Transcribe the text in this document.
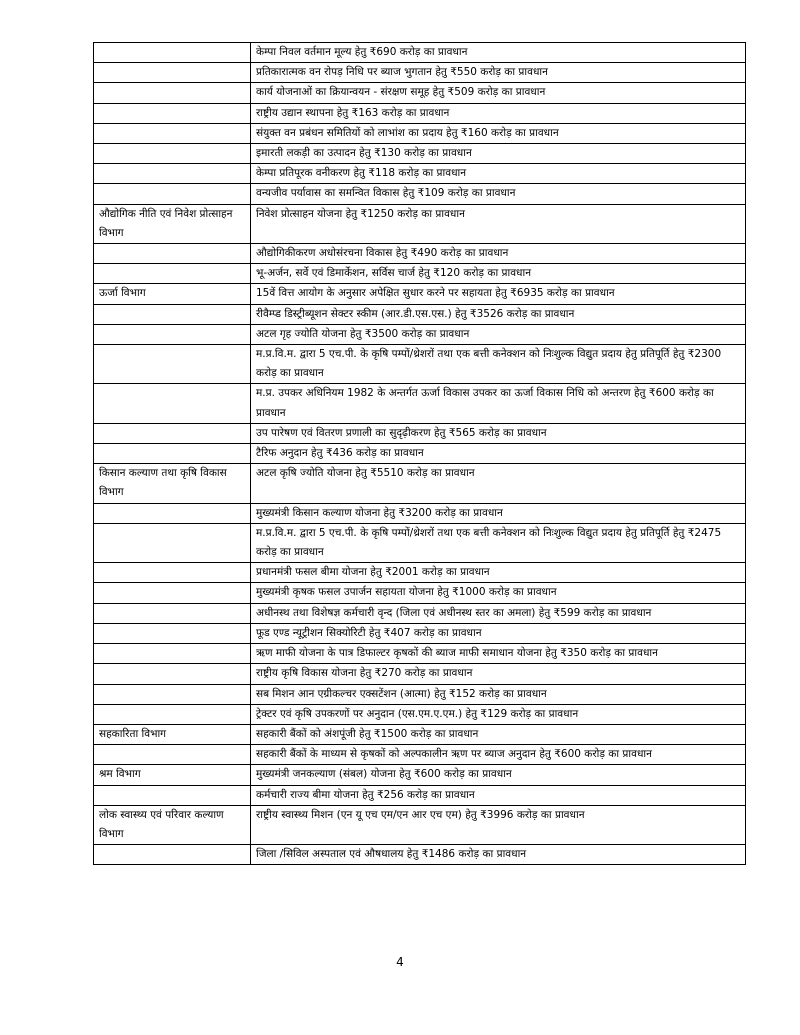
	केम्पा निवल वर्तमान मूल्य हेतु ₹690 करोड़ का प्रावधान
	प्रतिकारात्मक वन रोपड़ निधि पर ब्याज भुगतान हेतु ₹550 करोड़ का प्रावधान
	कार्य योजनाओं का क्रियान्वयन - संरक्षण समूह हेतु ₹509 करोड़ का प्रावधान
	राष्ट्रीय उद्यान स्थापना हेतु ₹163 करोड़ का प्रावधान
	संयुक्त वन प्रबंधन समितियों को लाभांश का प्रदाय हेतु ₹160 करोड़ का प्रावधान
	इमारती लकड़ी का उत्पादन हेतु ₹130 करोड़ का प्रावधान
	केम्पा प्रतिपूरक वनीकरण हेतु ₹118 करोड़ का प्रावधान
	वन्यजीव पर्यावास का समन्वित विकास हेतु ₹109 करोड़ का प्रावधान
औद्योगिक नीति एवं निवेश प्रोत्साहन विभाग	निवेश प्रोत्साहन योजना हेतु ₹1250 करोड़ का प्रावधान
	औद्योगिकीकरण अधोसंरचना विकास हेतु ₹490 करोड़ का प्रावधान
	भू-अर्जन, सर्वे एवं डिमार्केशन, सर्विस चार्ज हेतु ₹120 करोड़ का प्रावधान
ऊर्जा विभाग	15वें वित्त आयोग के अनुसार अपेक्षित सुधार करने पर सहायता हेतु ₹6935 करोड़ का प्रावधान
	रीवैम्प्ड डिस्ट्रीब्यूशन सेक्टर स्कीम (आर.डी.एस.एस.) हेतु ₹3526 करोड़ का प्रावधान
	अटल गृह ज्योति योजना हेतु ₹3500 करोड़ का प्रावधान
	म.प्र.वि.म. द्वारा 5 एच.पी. के कृषि पम्पों/थ्रेशरों तथा एक बत्ती कनेक्शन को निःशुल्क विद्युत प्रदाय हेतु प्रतिपूर्ति हेतु ₹2300 करोड़ का प्रावधान
	म.प्र. उपकर अधिनियम 1982 के अन्तर्गत ऊर्जा विकास उपकर का ऊर्जा विकास निधि को अन्तरण हेतु ₹600 करोड़ का प्रावधान
	उप पारेषण एवं वितरण प्रणाली का सुदृढ़ीकरण हेतु ₹565 करोड़ का प्रावधान
	टैरिफ अनुदान हेतु ₹436 करोड़ का प्रावधान
किसान कल्याण तथा कृषि विकास विभाग	अटल कृषि ज्योति योजना हेतु ₹5510 करोड़ का प्रावधान
	मुख्यमंत्री किसान कल्याण योजना हेतु ₹3200 करोड़ का प्रावधान
	म.प्र.वि.म. द्वारा 5 एच.पी. के कृषि पम्पों/थ्रेशरों तथा एक बत्ती कनेक्शन को निःशुल्क विद्युत प्रदाय हेतु प्रतिपूर्ति हेतु ₹2475 करोड़ का प्रावधान
	प्रधानमंत्री फसल बीमा योजना हेतु ₹2001 करोड़ का प्रावधान
	मुख्यमंत्री कृषक फसल उपार्जन सहायता योजना हेतु ₹1000 करोड़ का प्रावधान
	अधीनस्थ तथा विशेषज्ञ कर्मचारी वृन्द (जिला एवं अधीनस्थ स्तर का अमला) हेतु ₹599 करोड़ का प्रावधान
	फूड एण्ड न्यूट्रीशन सिक्योरिटी हेतु ₹407 करोड़ का प्रावधान
	ऋण माफी योजना के पात्र डिफाल्टर कृषकों की ब्याज माफी समाधान योजना हेतु ₹350 करोड़ का प्रावधान
	राष्ट्रीय कृषि विकास योजना हेतु ₹270 करोड़ का प्रावधान
	सब मिशन आन एग्रीकल्चर एक्सटेंशन (आत्मा) हेतु ₹152 करोड़ का प्रावधान
	ट्रेक्टर एवं कृषि उपकरणों पर अनुदान (एस.एम.ए.एम.) हेतु ₹129 करोड़ का प्रावधान
सहकारिता विभाग	सहकारी बैंकों को अंशपूंजी हेतु ₹1500 करोड़ का प्रावधान
	सहकारी बैंकों के माध्यम से कृषकों को अल्पकालीन ऋण पर ब्याज अनुदान हेतु ₹600 करोड़ का प्रावधान
श्रम विभाग	मुख्यमंत्री जनकल्याण (संबल) योजना हेतु ₹600 करोड़ का प्रावधान
	कर्मचारी राज्य बीमा योजना हेतु ₹256 करोड़ का प्रावधान
लोक स्वास्थ्य एवं परिवार कल्याण विभाग	राष्ट्रीय स्वास्थ्य मिशन (एन यू एच एम/एन आर एच एम) हेतु ₹3996 करोड़ का प्रावधान
	जिला /सिविल अस्पताल एवं औषधालय हेतु ₹1486 करोड़ का प्रावधान
4
